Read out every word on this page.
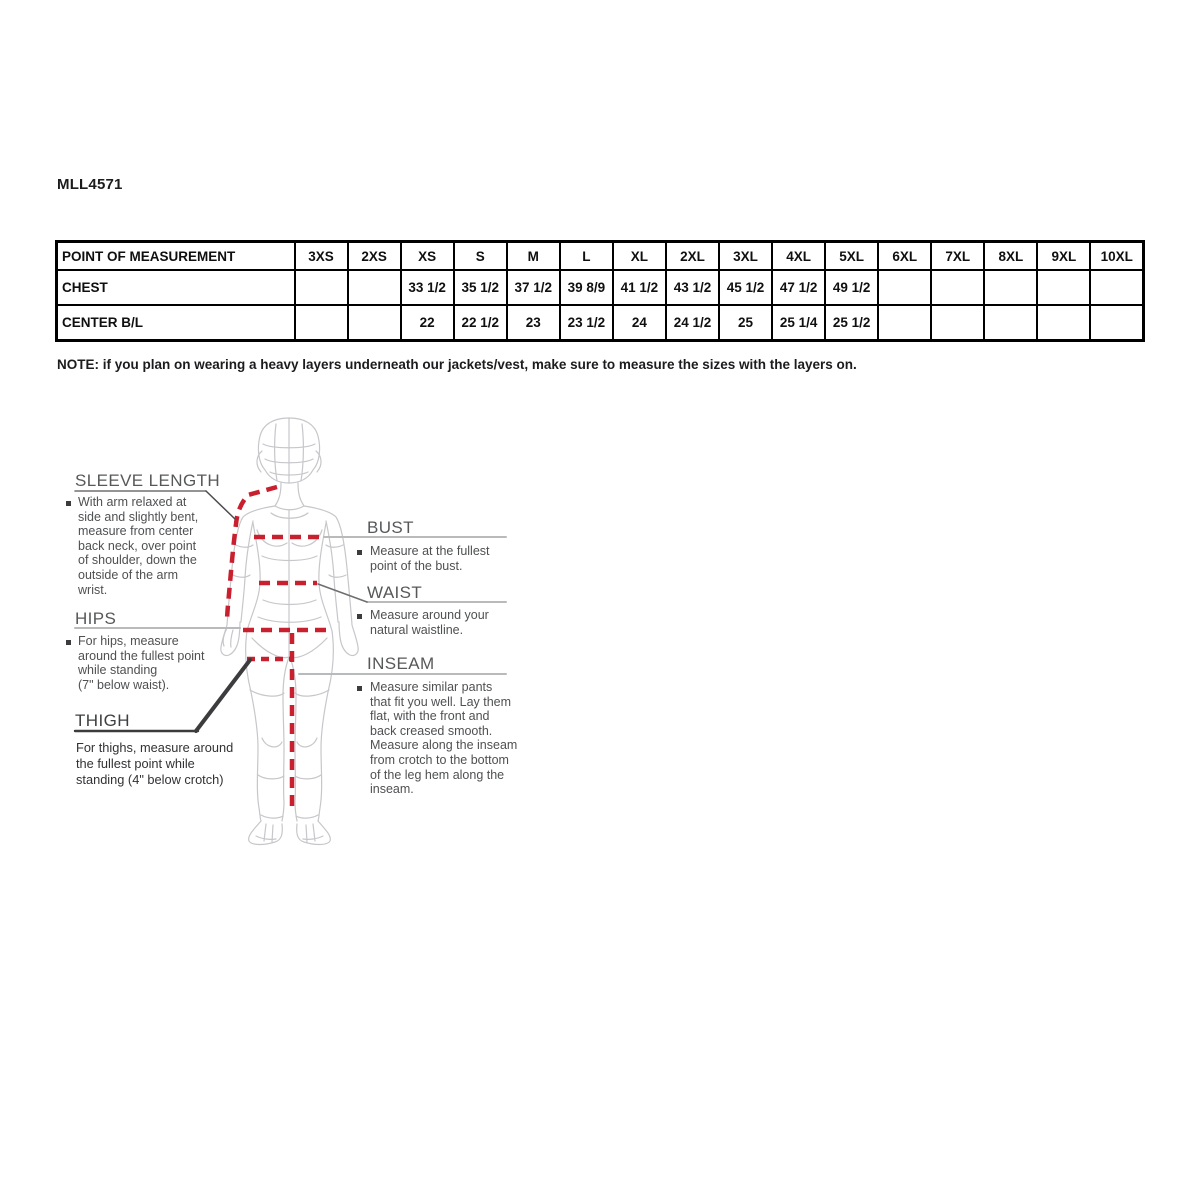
MLL4571
POINT OF MEASUREMENT	3XS	2XS	XS	S	M	L	XL	2XL	3XL	4XL	5XL	6XL	7XL	8XL	9XL	10XL
CHEST			33 1/2	35 1/2	37 1/2	39 8/9	41 1/2	43 1/2	45 1/2	47 1/2	49 1/2					
CENTER B/L			22	22 1/2	23	23 1/2	24	24 1/2	25	25 1/4	25 1/2					
NOTE: if you plan on wearing a heavy layers underneath our jackets/vest, make sure to measure the sizes with the layers on.
SLEEVE LENGTH
With arm relaxed at
side and slightly bent,
measure from center
back neck, over point
of shoulder, down the
outside of the arm
wrist.
HIPS
For hips, measure
around the fullest point
while standing
(7" below waist).
THIGH
For thighs, measure around
the fullest point while
standing (4" below crotch)
BUST
Measure at the fullest
point of the bust.
WAIST
Measure around your
natural waistline.
INSEAM
Measure similar pants
that fit you well. Lay them
flat, with the front and
back creased smooth.
Measure along the inseam
from crotch to the bottom
of the leg hem along the
inseam.
